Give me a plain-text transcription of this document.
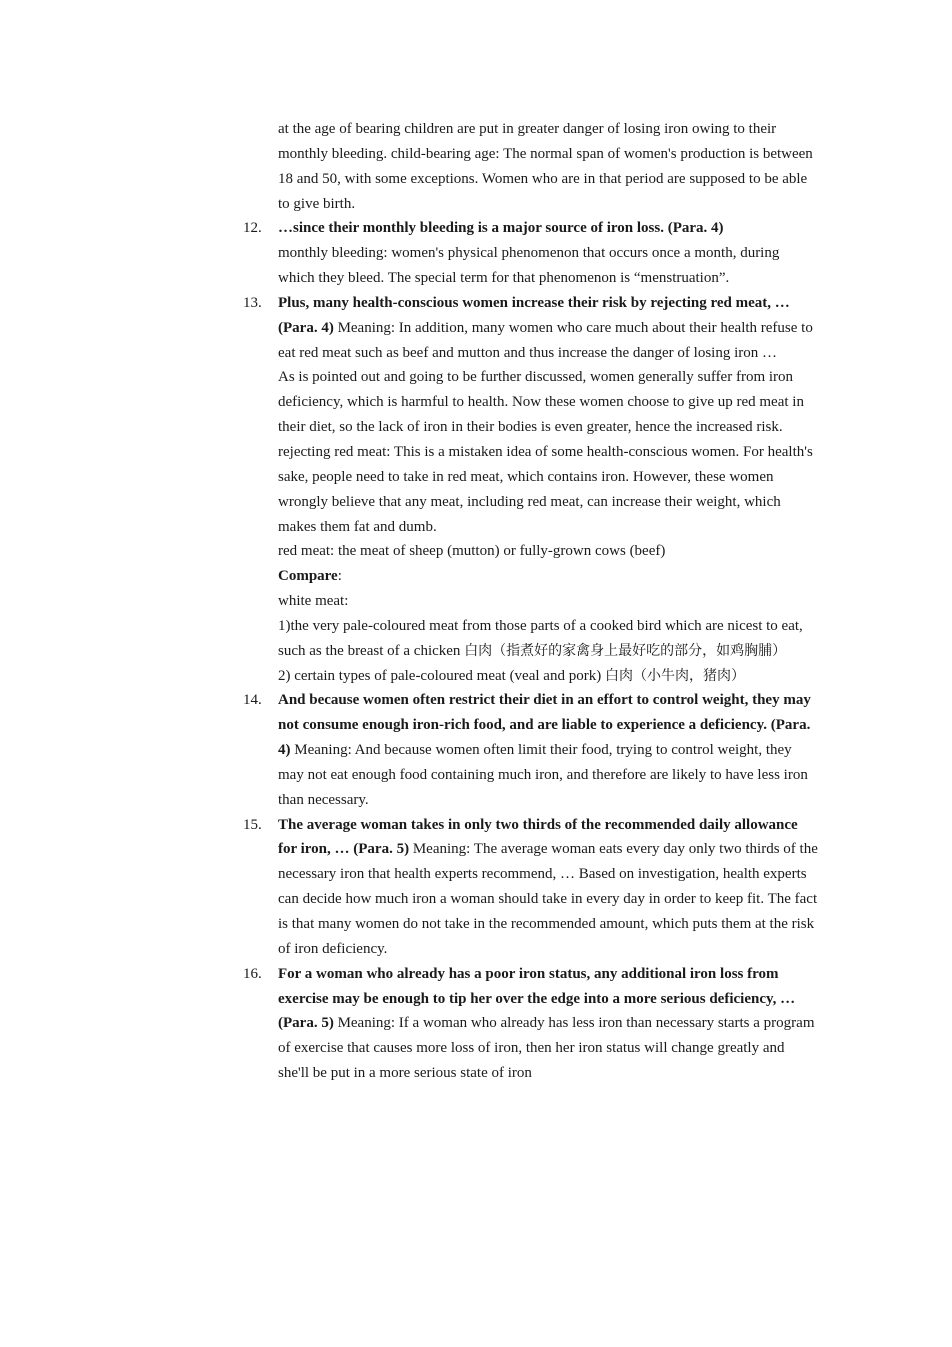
at the age of bearing children are put in greater danger of losing iron owing to their monthly bleeding. child-bearing age: The normal span of women's production is between 18 and 50, with some exceptions. Women who are in that period are supposed to be able to give birth.

12.	…since their monthly bleeding is a major source of iron loss. (Para. 4)

monthly bleeding: women's physical phenomenon that occurs once a month, during which they bleed. The special term for that phenomenon is “menstruation”.

13.	Plus, many health-conscious women increase their risk by rejecting red meat, … (Para. 4) Meaning: In addition, many women who care much about their health refuse to eat red meat such as beef and mutton and thus increase the danger of losing iron …

As is pointed out and going to be further discussed, women generally suffer from iron deficiency, which is harmful to health. Now these women choose to give up red meat in their diet, so the lack of iron in their bodies is even greater, hence the increased risk. rejecting red meat: This is a mistaken idea of some health-conscious women. For health's sake, people need to take in red meat, which contains iron. However, these women wrongly believe that any meat, including red meat, can increase their weight, which makes them fat and dumb.

red meat: the meat of sheep (mutton) or fully-grown cows (beef)

Compare:

white meat:

1)the very pale-coloured meat from those parts of a cooked bird which are nicest to eat, such as the breast of a chicken 白肉（指煮好的家禽身上最好吃的部分，如鸡胸脯）

2) certain types of pale-coloured meat (veal and pork) 白肉（小牛肉，猪肉）

14.	And because women often restrict their diet in an effort to control weight, they may not consume enough iron-rich food, and are liable to experience a deficiency. (Para. 4) Meaning: And because women often limit their food, trying to control weight, they may not eat enough food containing much iron, and therefore are likely to have less iron than necessary.

15.	The average woman takes in only two thirds of the recommended daily allowance for iron, … (Para. 5) Meaning: The average woman eats every day only two thirds of the necessary iron that health experts recommend, … Based on investigation, health experts can decide how much iron a woman should take in every day in order to keep fit. The fact is that many women do not take in the recommended amount, which puts them at the risk of iron deficiency.

16.	For a woman who already has a poor iron status, any additional iron loss from exercise may be enough to tip her over the edge into a more serious deficiency, … (Para. 5) Meaning: If a woman who already has less iron than necessary starts a program of exercise that causes more loss of iron, then her iron status will change greatly and she'll be put in a more serious state of iron
